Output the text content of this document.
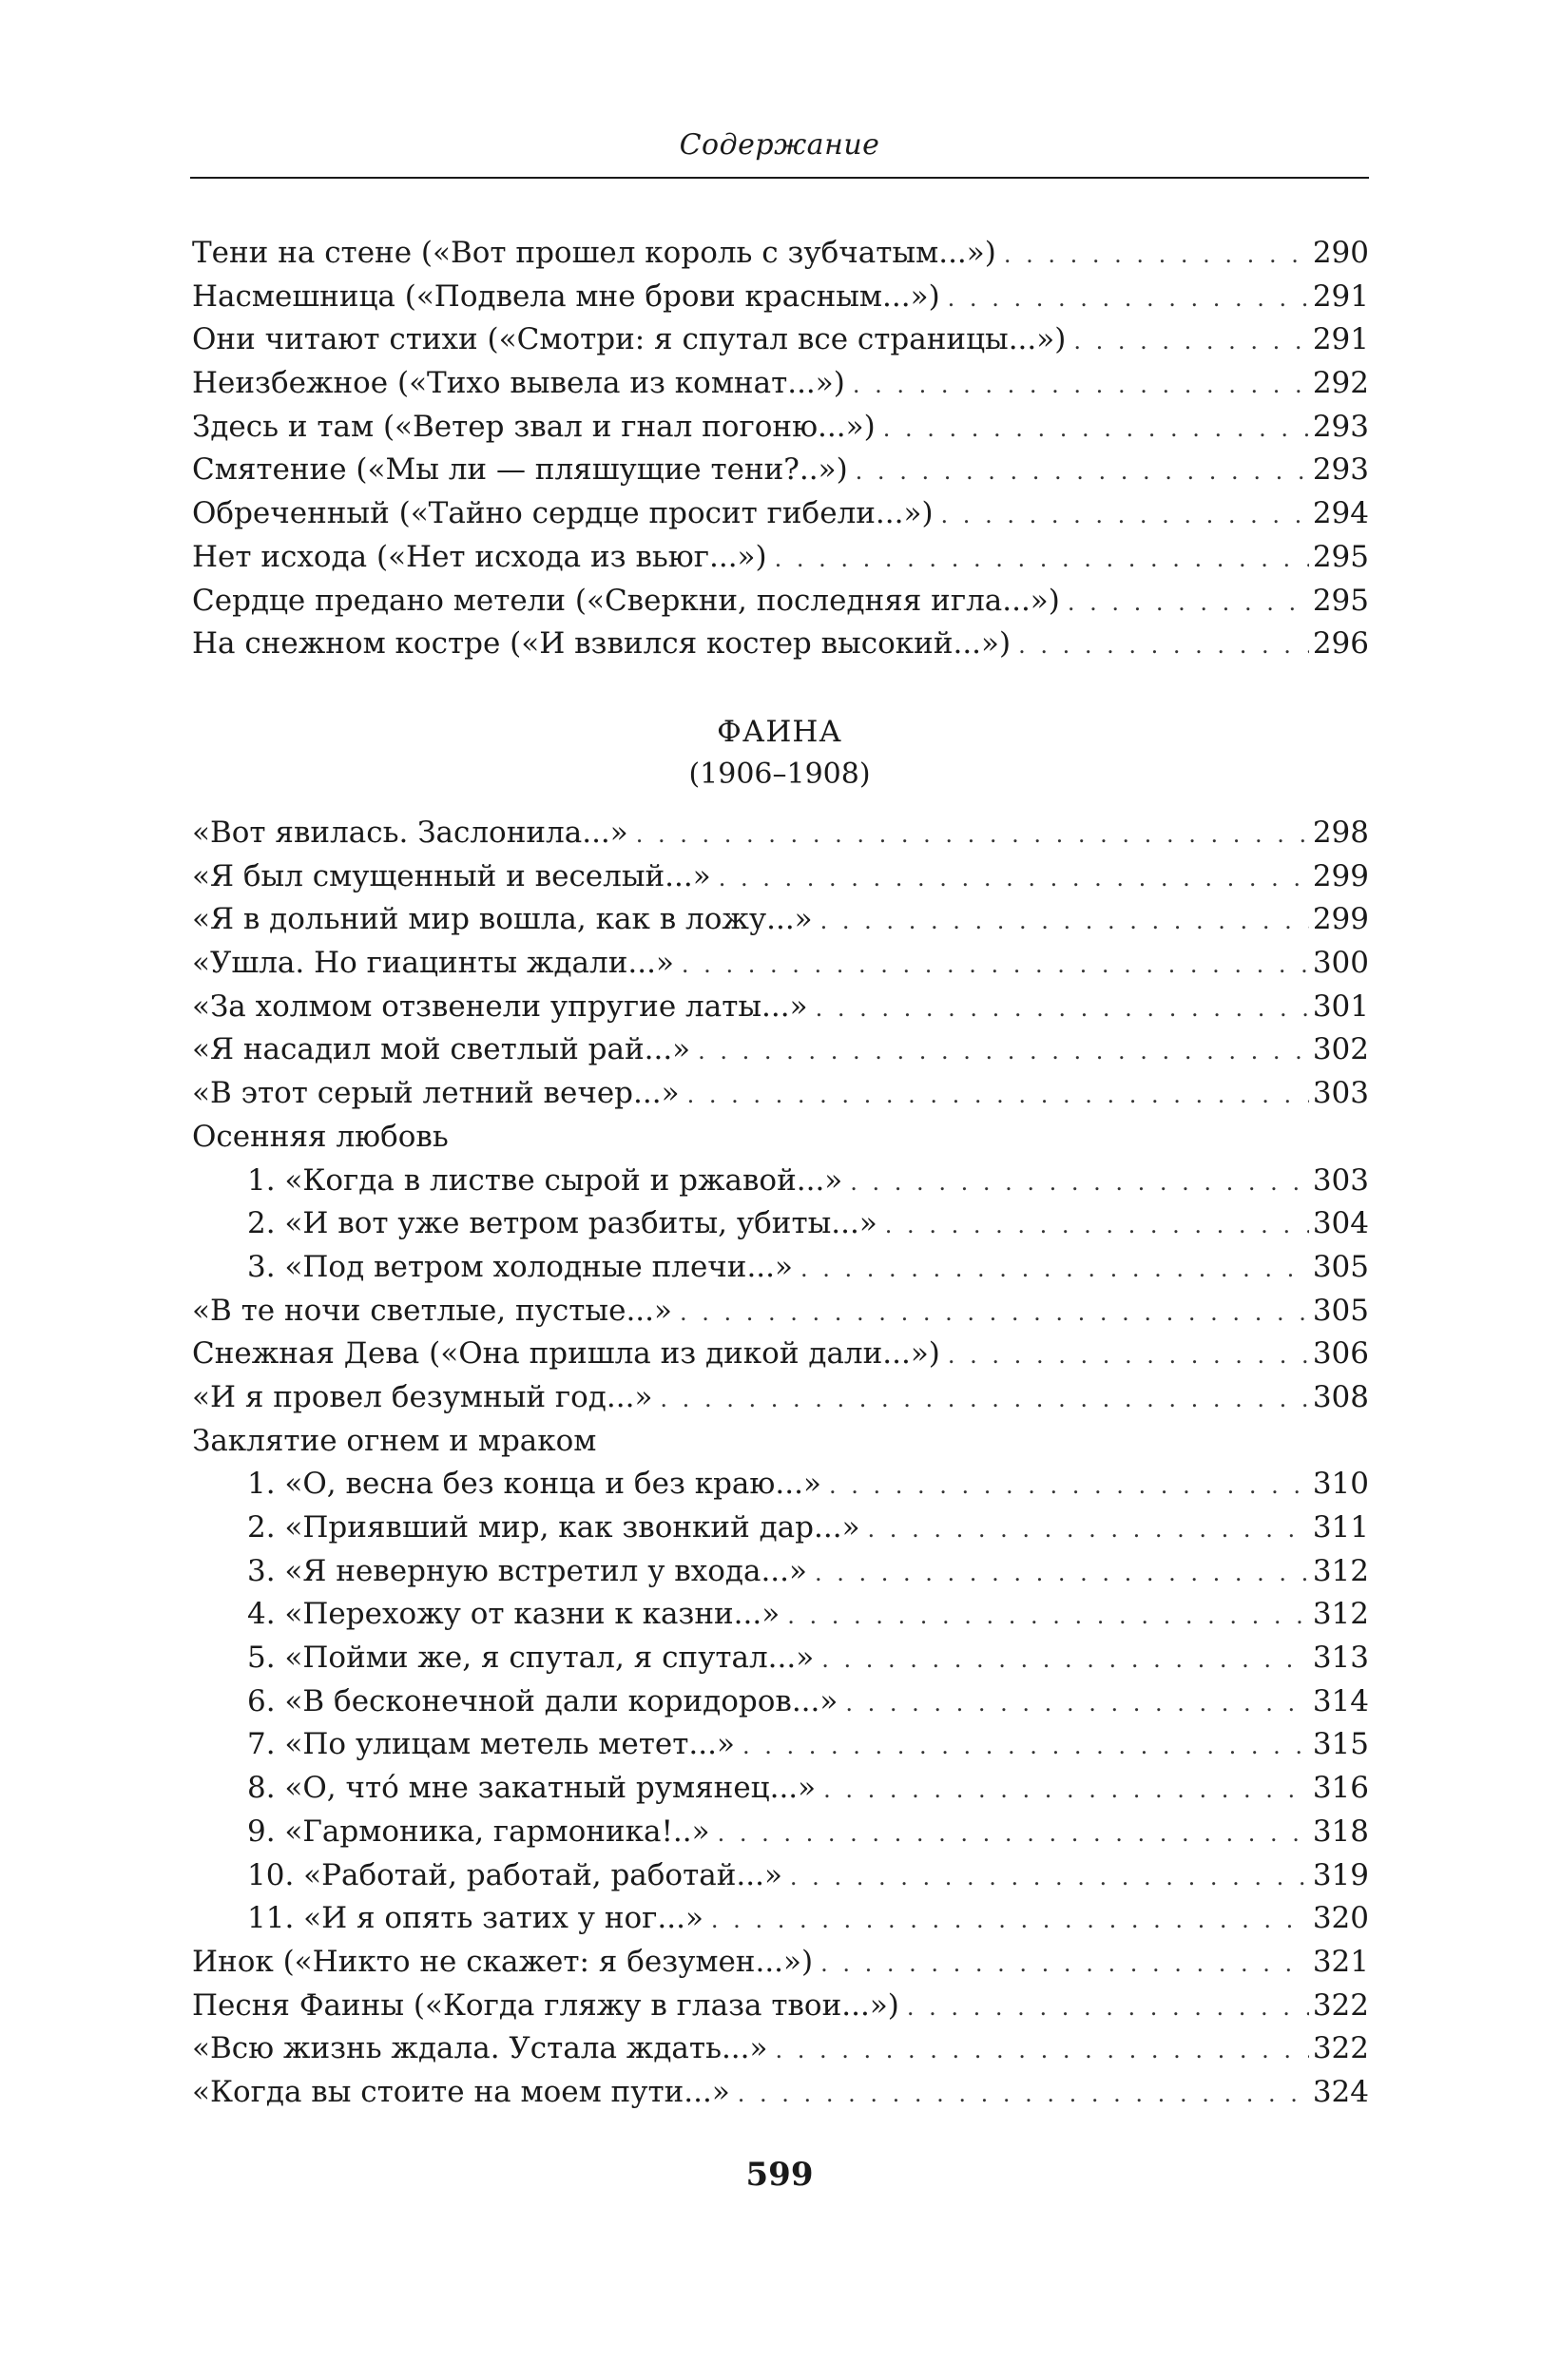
Содержание
Тени на стене («Вот прошел король с зубчатым...») . . .	290
Насмешница («Подвела мне брови красным...») . . .	291
Они читают стихи («Смотри: я спутал все страницы...») . . .	291
Неизбежное («Тихо вывела из комнат...») . . .	292
Здесь и там («Ветер звал и гнал погоню...») . . .	293
Смятение («Мы ли — пляшущие тени?..») . . .	293
Обреченный («Тайно сердце просит гибели...») . . .	294
Нет исхода («Нет исхода из вьюг...») . . .	295
Сердце предано метели («Сверкни, последняя игла...») . . .	295
На снежном костре («И взвился костер высокий...») . . .	296
ФАИНА
(1906–1908)
«Вот явилась. Заслонила...» . . .	298
«Я был смущенный и веселый...» . . .	299
«Я в дольний мир вошла, как в ложу...» . . .	299
«Ушла. Но гиацинты ждали...» . . .	300
«За холмом отзвенели упругие латы...» . . .	301
«Я насадил мой светлый рай...» . . .	302
«В этот серый летний вечер...» . . .	303
Осенняя любовь
1. «Когда в листве сырой и ржавой...» . . .	303
2. «И вот уже ветром разбиты, убиты...» . . .	304
3. «Под ветром холодные плечи...» . . .	305
«В те ночи светлые, пустые...» . . .	305
Снежная Дева («Она пришла из дикой дали...») . . .	306
«И я провел безумный год...» . . .	308
Заклятие огнем и мраком
1. «О, весна без конца и без краю...» . . .	310
2. «Приявший мир, как звонкий дар...» . . .	311
3. «Я неверную встретил у входа...» . . .	312
4. «Перехожу от казни к казни...» . . .	312
5. «Пойми же, я спутал, я спутал...» . . .	313
6. «В бесконечной дали коридоров...» . . .	314
7. «По улицам метель метет...» . . .	315
8. «О, чтó мне закатный румянец...» . . .	316
9. «Гармоника, гармоника!..» . . .	318
10. «Работай, работай, работай...» . . .	319
11. «И я опять затих у ног...» . . .	320
Инок («Никто не скажет: я безумен...») . . .	321
Песня Фаины («Когда гляжу в глаза твои...») . . .	322
«Всю жизнь ждала. Устала ждать...» . . .	322
«Когда вы стоите на моем пути...» . . .	324
599
